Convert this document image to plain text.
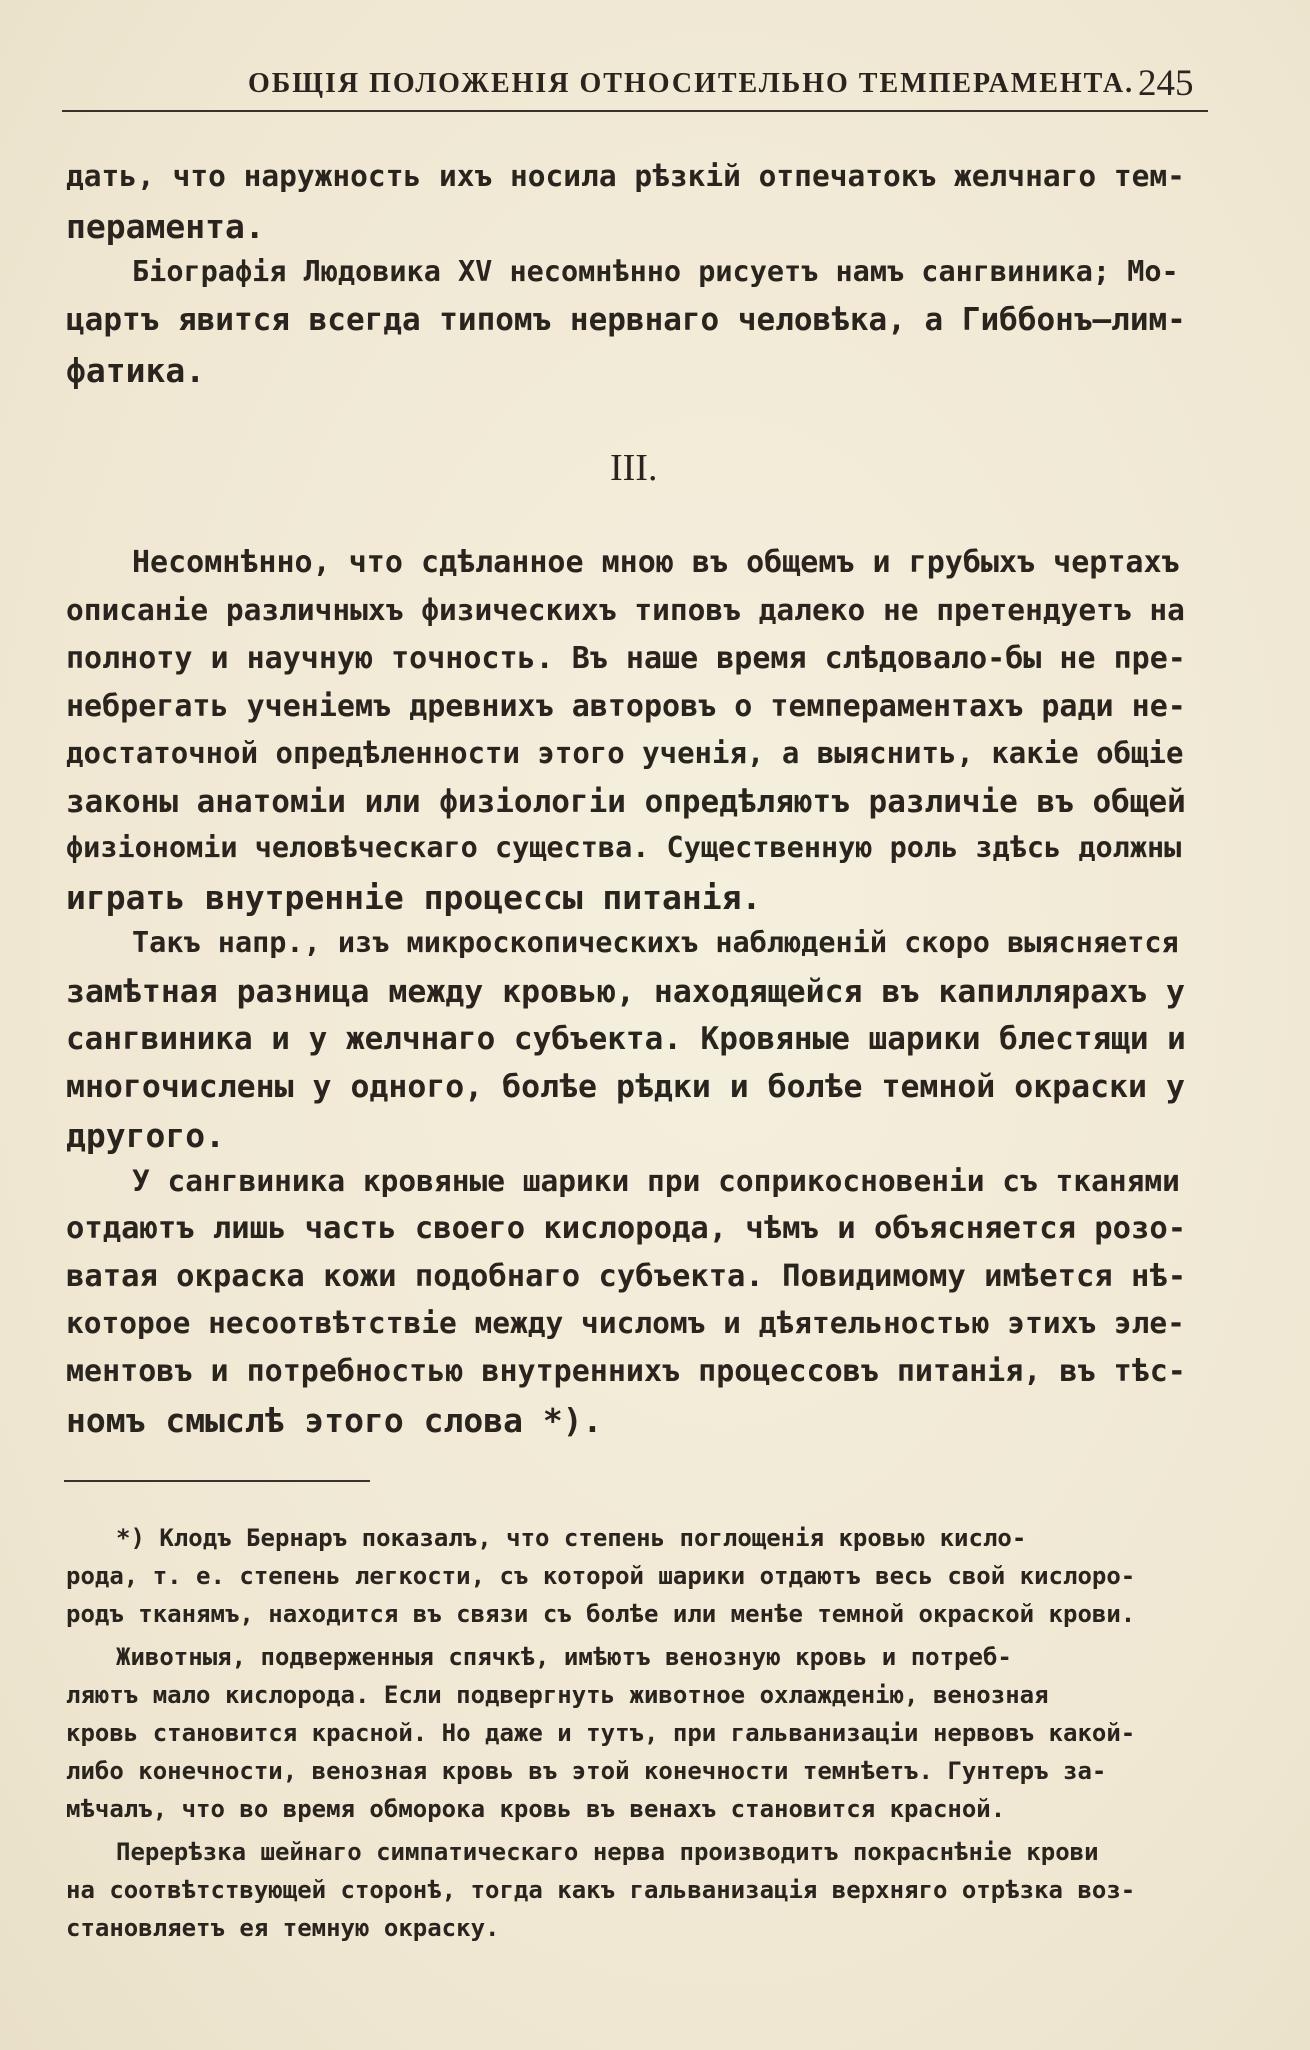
ОБЩІЯ ПОЛОЖЕНІЯ ОТНОСИТЕЛЬНО ТЕМПЕРАМЕНТА. 245
дать, что наружность ихъ носила рѣзкій отпечатокъ желчнаго тем-
перамента.
Біографія Людовика XV несомнѣнно рисуетъ намъ сангвиника; Мо-
цартъ явится всегда типомъ нервнаго человѣка, а Гиббонъ—лим-
фатика.
III.
Несомнѣнно, что сдѣланное мною въ общемъ и грубыхъ чертахъ
описаніе различныхъ физическихъ типовъ далеко не претендуетъ на
полноту и научную точность. Въ наше время слѣдовало-бы не пре-
небрегать ученіемъ древнихъ авторовъ о темпераментахъ ради не-
достаточной опредѣленности этого ученія, а выяснить, какіе общіе
законы анатоміи или физіологіи опредѣляютъ различіе въ общей
физіономіи человѣческаго существа. Существенную роль здѣсь должны
играть внутренніе процессы питанія.
Такъ напр., изъ микроскопическихъ наблюденій скоро выясняется
замѣтная разница между кровью, находящейся въ капиллярахъ у
сангвиника и у желчнаго субъекта. Кровяные шарики блестящи и
многочислены у одного, болѣе рѣдки и болѣе темной окраски у
другого.
У сангвиника кровяные шарики при соприкосновеніи съ тканями
отдаютъ лишь часть своего кислорода, чѣмъ и объясняется розо-
ватая окраска кожи подобнаго субъекта. Повидимому имѣется нѣ-
которое несоотвѣтствіе между числомъ и дѣятельностью этихъ эле-
ментовъ и потребностью внутреннихъ процессовъ питанія, въ тѣс-
номъ смыслѣ этого слова *).
*) Клодъ Бернаръ показалъ, что степень поглощенія кровью кисло-
рода, т. е. степень легкости, съ которой шарики отдаютъ весь свой кислоро-
родъ тканямъ, находится въ связи съ болѣе или менѣе темной окраской крови.
Животныя, подверженныя спячкѣ, имѣютъ венозную кровь и потреб-
ляютъ мало кислорода. Если подвергнуть животное охлажденію, венозная
кровь становится красной. Но даже и тутъ, при гальванизаціи нервовъ какой-
либо конечности, венозная кровь въ этой конечности темнѣетъ. Гунтеръ за-
мѣчалъ, что во время обморока кровь въ венахъ становится красной.
Перерѣзка шейнаго симпатическаго нерва производитъ покраснѣніе крови
на соотвѣтствующей сторонѣ, тогда какъ гальванизація верхняго отрѣзка воз-
становляетъ ея темную окраску.
